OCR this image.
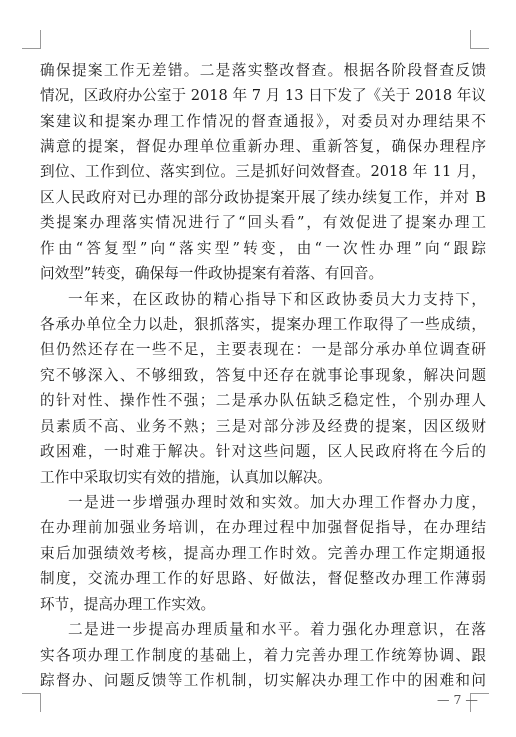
确保提案工作无差错。二是落实整改督查。根据各阶段督查反馈
情况，区政府办公室于 2018 年 7 月 13 日下发了《关于 2018 年议
案建议和提案办理工作情况的督查通报》，对委员对办理结果不
满意的提案，督促办理单位重新办理、重新答复，确保办理程序
到位、工作到位、落实到位。三是抓好问效督查。2018 年 11 月，
区人民政府对已办理的部分政协提案开展了续办续复工作，并对 B
类提案办理落实情况进行了“回头看”，有效促进了提案办理工
作由“答复型”向“落实型”转变，由“一次性办理”向“跟踪
问效型”转变，确保每一件政协提案有着落、有回音。
一年来，在区政协的精心指导下和区政协委员大力支持下，
各承办单位全力以赴，狠抓落实，提案办理工作取得了一些成绩，
但仍然还存在一些不足，主要表现在：一是部分承办单位调查研
究不够深入、不够细致，答复中还存在就事论事现象，解决问题
的针对性、操作性不强；二是承办队伍缺乏稳定性，个别办理人
员素质不高、业务不熟；三是对部分涉及经费的提案，因区级财
政困难，一时难于解决。针对这些问题，区人民政府将在今后的
工作中采取切实有效的措施，认真加以解决。
一是进一步增强办理时效和实效。加大办理工作督办力度，
在办理前加强业务培训，在办理过程中加强督促指导，在办理结
束后加强绩效考核，提高办理工作时效。完善办理工作定期通报
制度，交流办理工作的好思路、好做法，督促整改办理工作薄弱
环节，提高办理工作实效。
二是进一步提高办理质量和水平。着力强化办理意识，在落
实各项办理工作制度的基础上，着力完善办理工作统筹协调、跟
踪督办、问题反馈等工作机制，切实解决办理工作中的困难和问
— 7 —
